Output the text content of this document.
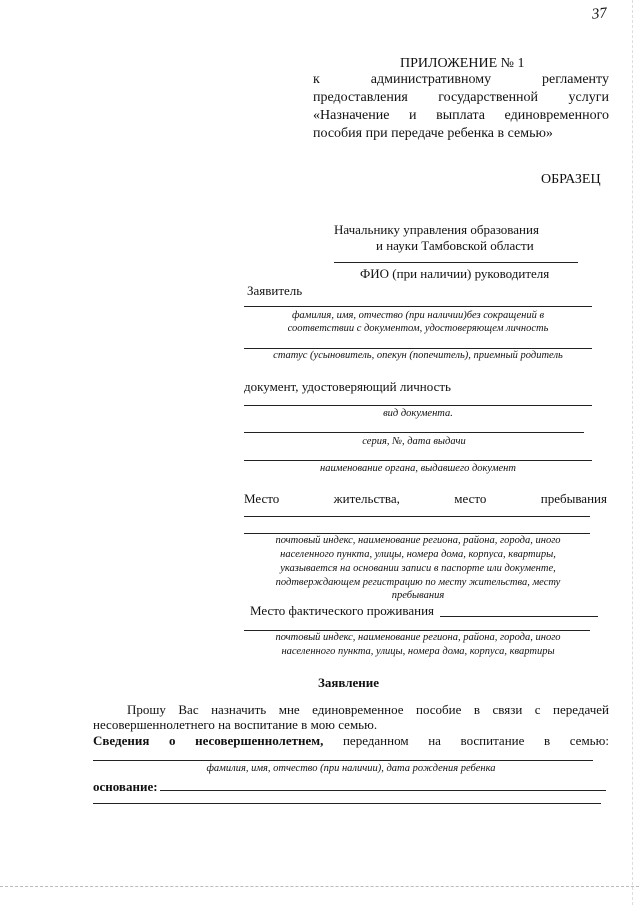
37
ПРИЛОЖЕНИЕ № 1
к	административному	регламенту
предоставления государственной услуги
«Назначение и выплата единовременного
пособия при передаче ребенка в семью»
ОБРАЗЕЦ
Начальнику управления образования
и науки Тамбовской области
ФИО (при наличии) руководителя
Заявитель
фамилия, имя, отчество (при наличии)без сокращений в
соответствии с документом, удостоверяющем личность
статус (усыновитель, опекун (попечитель), приемный родитель
документ, удостоверяющий личность
вид документа.
серия, №, дата выдачи
наименование органа, выдавшего документ
Место	жительства,	место	пребывания
почтовый индекс, наименование региона, района, города, иного
населенного пункта, улицы, номера дома, корпуса, квартиры,
указывается на основании записи в паспорте или документе,
подтверждающем регистрацию по месту жительства, месту
пребывания
Место фактического проживания
почтовый индекс, наименование региона, района, города, иного
населенного пункта, улицы, номера дома, корпуса, квартиры
Заявление
Прошу Вас назначить мне единовременное пособие в связи с передачей
несовершеннолетнего на воспитание в мою семью.
Сведения о несовершеннолетнем, переданном на воспитание в семью:
фамилия, имя, отчество (при наличии), дата рождения ребенка
основание:
